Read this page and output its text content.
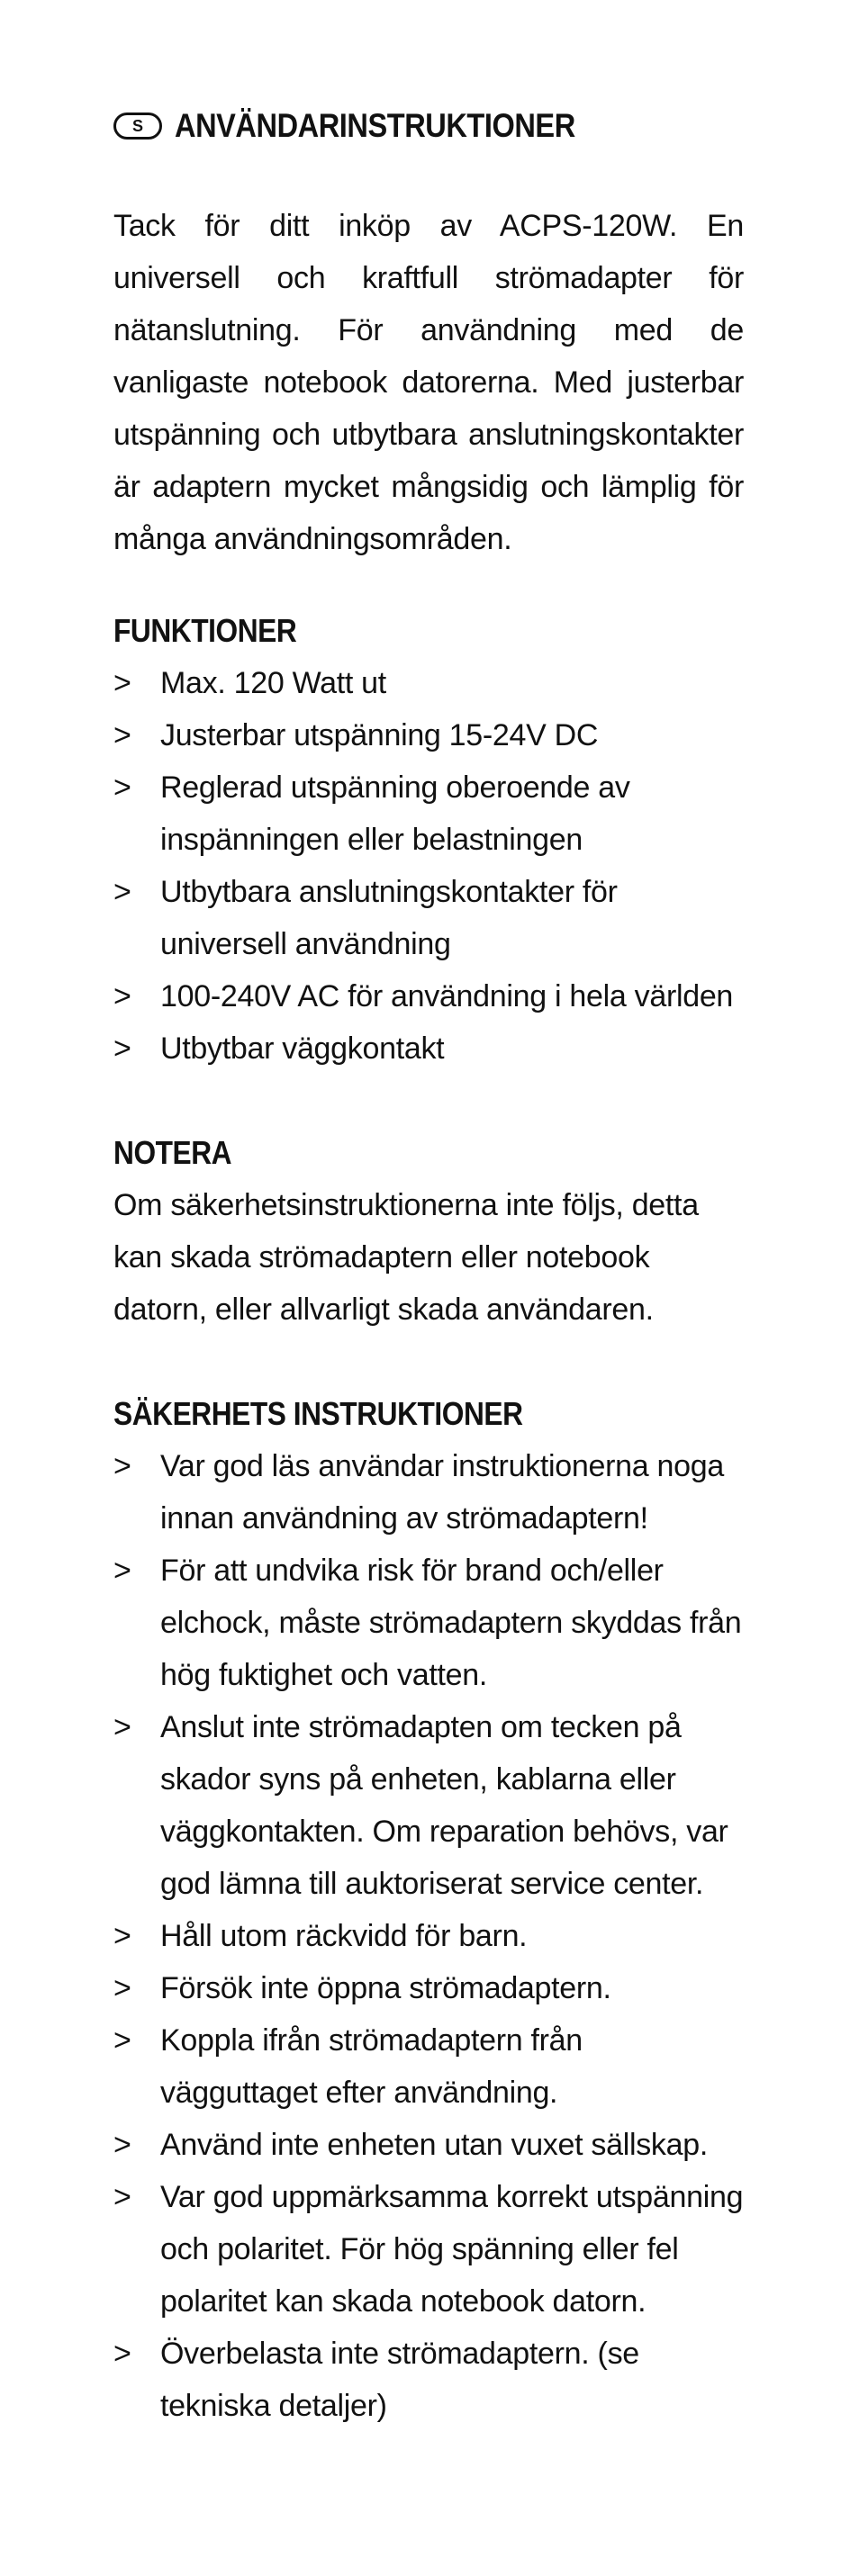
S ANVÄNDARINSTRUKTIONER

Tack för ditt inköp av ACPS-120W. En universell och kraftfull strömadapter för nätanslutning. För användning med de vanligaste notebook datorerna. Med justerbar utspänning och utbytbara anslutningskontakter är adaptern mycket mångsidig och lämplig för många användningsområden.

FUNKTIONER
> Max. 120 Watt ut
> Justerbar utspänning 15-24V DC
> Reglerad utspänning oberoende av inspänningen eller belastningen
> Utbytbara anslutningskontakter för universell användning
> 100-240V AC för användning i hela världen
> Utbytbar väggkontakt
NOTERA
Om säkerhetsinstruktionerna inte följs, detta kan skada strömadaptern eller notebook datorn, eller allvarligt skada användaren.
SÄKERHETS INSTRUKTIONER
> Var god läs användar instruktionerna noga innan användning av strömadaptern!
> För att undvika risk för brand och/eller elchock, måste strömadaptern skyddas från hög fuktighet och vatten.
> Anslut inte strömadapten om tecken på skador syns på enheten, kablarna eller väggkontakten. Om reparation behövs, var god lämna till auktoriserat service center.
> Håll utom räckvidd för barn.
> Försök inte öppna strömadaptern.
> Koppla ifrån strömadaptern från vägguttaget efter användning.
> Använd inte enheten utan vuxet sällskap.
> Var god uppmärksamma korrekt utspänning och polaritet. För hög spänning eller fel polaritet kan skada notebook datorn.
> Överbelasta inte strömadaptern. (se tekniska detaljer)
